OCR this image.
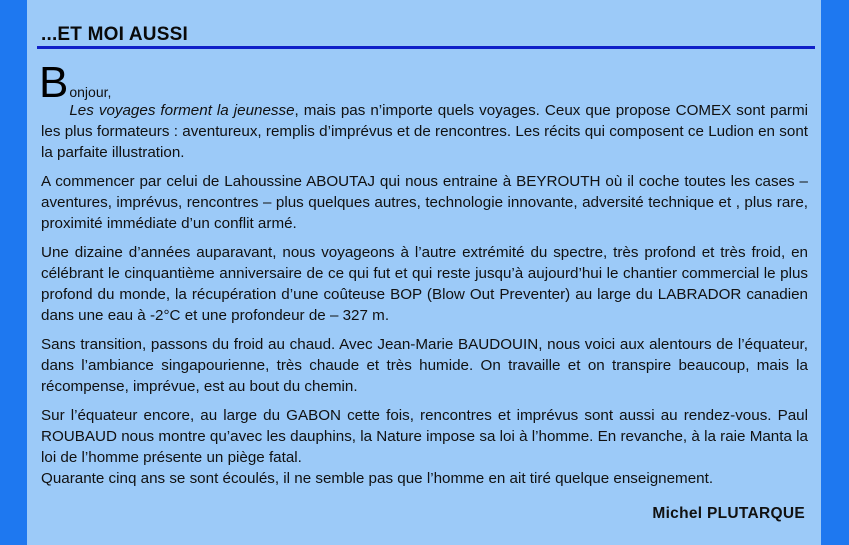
...ET MOI AUSSI

B onjour,
Les voyages forment la jeunesse, mais pas n’importe quels voyages. Ceux que propose COMEX sont parmi les plus formateurs : aventureux, remplis d’imprévus et de rencontres. Les récits qui composent ce Ludion en sont la parfaite illustration.

A commencer par celui de Lahoussine ABOUTAJ qui nous entraine à BEYROUTH où il coche toutes les cases – aventures, imprévus, rencontres – plus quelques autres, technologie innovante, adversité technique et , plus rare, proximité immédiate d’un conflit armé.

Une dizaine d’années auparavant, nous voyageons à l’autre extrémité du spectre, très profond et très froid, en célébrant le cinquantième anniversaire de ce qui fut et qui reste jusqu’à aujourd’hui le chantier commercial le plus profond du monde, la récupération d’une coûteuse BOP (Blow Out Preventer) au large du LABRADOR canadien dans une eau à -2°C et une profondeur de – 327 m.

Sans transition, passons du froid au chaud. Avec Jean-Marie BAUDOUIN, nous voici aux alentours de l’équateur, dans l’ambiance singapourienne, très chaude et très humide. On travaille et on transpire beaucoup, mais la récompense, imprévue, est au bout du chemin.

Sur l’équateur encore, au large du GABON cette fois, rencontres et imprévus sont aussi au rendez-vous. Paul ROUBAUD nous montre qu’avec les dauphins, la Nature impose sa loi à l’homme. En revanche, à la raie Manta la loi de l’homme présente un piège fatal.
Quarante cinq ans se sont écoulés, il ne semble pas que l’homme en ait tiré quelque enseignement.

Michel PLUTARQUE
